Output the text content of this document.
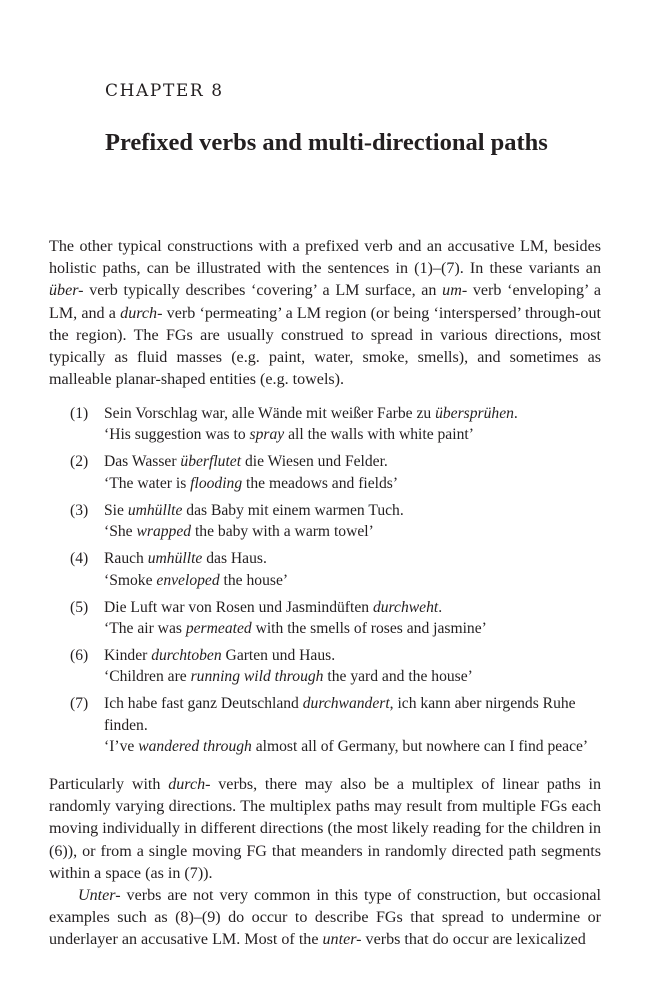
CHAPTER 8
Prefixed verbs and multi-directional paths

The other typical constructions with a prefixed verb and an accusative LM, besides holistic paths, can be illustrated with the sentences in (1)–(7). In these variants an über- verb typically describes ‘covering’ a LM surface, an um- verb ‘enveloping’ a LM, and a durch- verb ‘permeating’ a LM region (or being ‘interspersed’ through-out the region). The FGs are usually construed to spread in various directions, most typically as fluid masses (e.g. paint, water, smoke, smells), and sometimes as malleable planar-shaped entities (e.g. towels).

(1) Sein Vorschlag war, alle Wände mit weißer Farbe zu übersprühen.
‘His suggestion was to spray all the walls with white paint’
(2) Das Wasser überflutet die Wiesen und Felder.
‘The water is flooding the meadows and fields’
(3) Sie umhüllte das Baby mit einem warmen Tuch.
‘She wrapped the baby with a warm towel’
(4) Rauch umhüllte das Haus.
‘Smoke enveloped the house’
(5) Die Luft war von Rosen und Jasmindüften durchweht.
‘The air was permeated with the smells of roses and jasmine’
(6) Kinder durchtoben Garten und Haus.
‘Children are running wild through the yard and the house’
(7) Ich habe fast ganz Deutschland durchwandert, ich kann aber nirgends Ruhe finden.
‘I’ve wandered through almost all of Germany, but nowhere can I find peace’

Particularly with durch- verbs, there may also be a multiplex of linear paths in randomly varying directions. The multiplex paths may result from multiple FGs each moving individually in different directions (the most likely reading for the children in (6)), or from a single moving FG that meanders in randomly directed path segments within a space (as in (7)).

Unter- verbs are not very common in this type of construction, but occasional examples such as (8)–(9) do occur to describe FGs that spread to undermine or underlayer an accusative LM. Most of the unter- verbs that do occur are lexicalized
